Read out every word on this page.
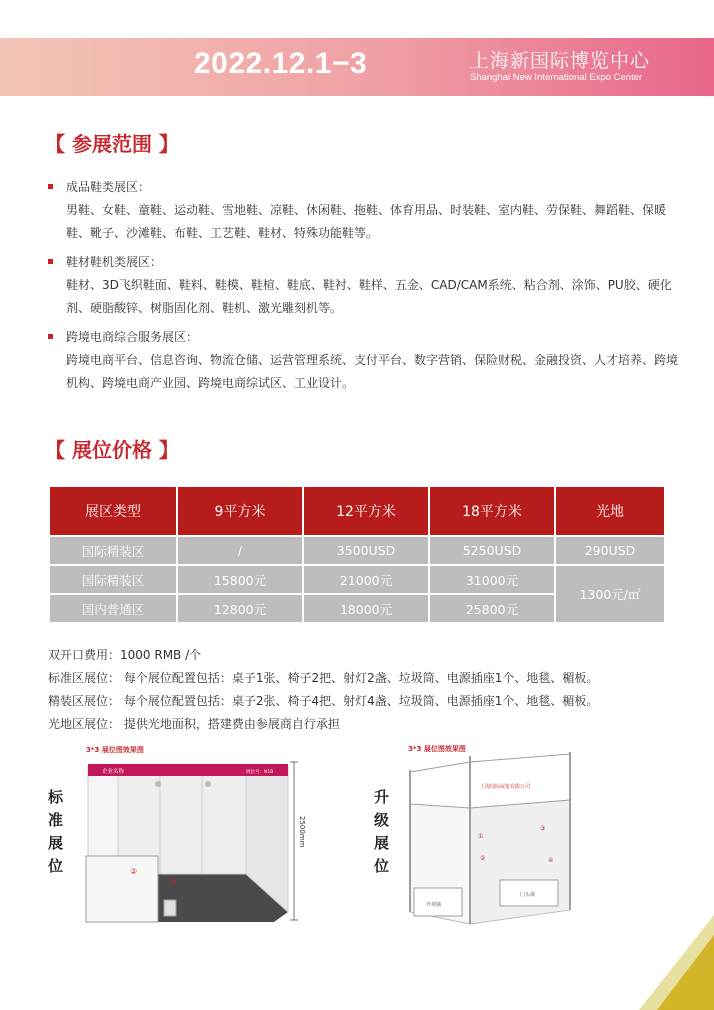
2022.12.1−3	上海新国际博览中心
Shanghai New International Expo Center
【 参展范围 】
成品鞋类展区：
男鞋、女鞋、童鞋、运动鞋、雪地鞋、凉鞋、休闲鞋、拖鞋、体育用品、时装鞋、室内鞋、劳保鞋、舞蹈鞋、保暖鞋、靴子、沙滩鞋、布鞋、工艺鞋、鞋材、特殊功能鞋等。
鞋材鞋机类展区：
鞋材、3D飞织鞋面、鞋料、鞋模、鞋楦、鞋底、鞋衬、鞋样、五金、CAD/CAM系统、粘合剂、涂饰、PU胶、硬化剂、硬脂酸锌、树脂固化剂、鞋机、激光雕刻机等。
跨境电商综合服务展区：
跨境电商平台、信息咨询、物流仓储、运营管理系统、支付平台、数字营销、保险财税、金融投资、人才培养、跨境机构、跨境电商产业园、跨境电商综试区、工业设计。
【 展位价格 】
展区类型	9平方米	12平方米	18平方米	光地
国际精装区	/	3500USD	5250USD	290USD
国际精装区	15800元	21000元	31000元	1300元/㎡
国内普通区	12800元	18000元	25800元	
双开口费用：1000 RMB /个
标准区展位： 每个展位配置包括：桌子1张、椅子2把、射灯2盏、垃圾筒、电源插座1个、地毯、楣板。
精装区展位： 每个展位配置包括：桌子2张、椅子4把、射灯4盏、垃圾筒、电源插座1个、地毯、楣板。
光地区展位： 提供光地面积，搭建费由参展商自行承担
标
准
展
位
3*3 展位图效果图
企业名称	展位号：N1B
②
③
2500mm
升
级
展
位
3*3 展位图效果图
上海国际展览有限公司
①
②
③
④
外观墙
门头墙
